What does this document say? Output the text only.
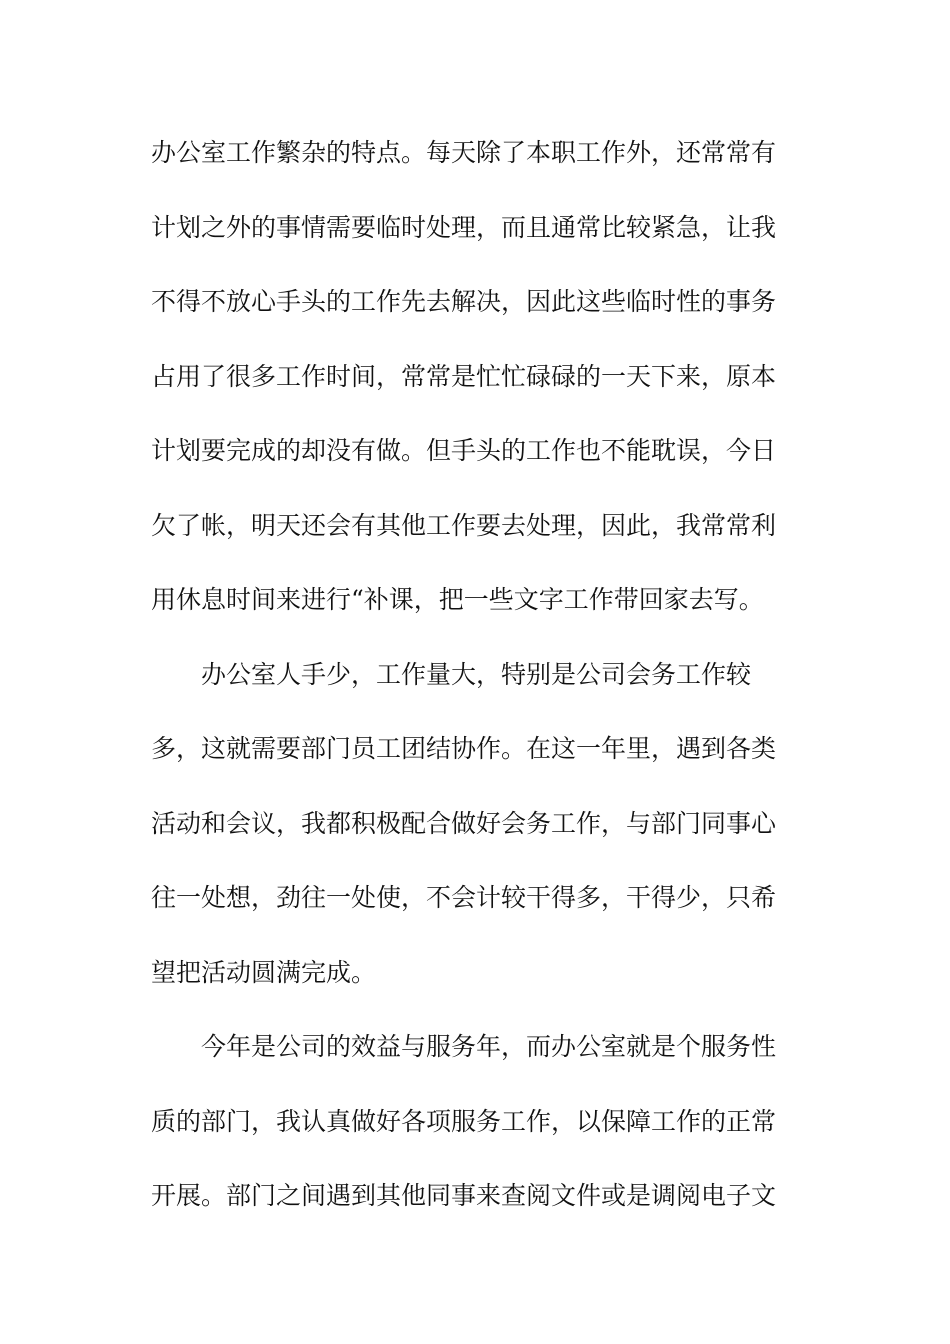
办公室工作繁杂的特点。每天除了本职工作外，还常常有
计划之外的事情需要临时处理，而且通常比较紧急，让我
不得不放心手头的工作先去解决，因此这些临时性的事务
占用了很多工作时间，常常是忙忙碌碌的一天下来，原本
计划要完成的却没有做。但手头的工作也不能耽误，今日
欠了帐，明天还会有其他工作要去处理，因此，我常常利
用休息时间来进行“补课，把一些文字工作带回家去写。
办公室人手少，工作量大，特别是公司会务工作较
多，这就需要部门员工团结协作。在这一年里，遇到各类
活动和会议，我都积极配合做好会务工作，与部门同事心
往一处想，劲往一处使，不会计较干得多，干得少，只希
望把活动圆满完成。
今年是公司的效益与服务年，而办公室就是个服务性
质的部门，我认真做好各项服务工作，以保障工作的正常
开展。部门之间遇到其他同事来查阅文件或是调阅电子文
